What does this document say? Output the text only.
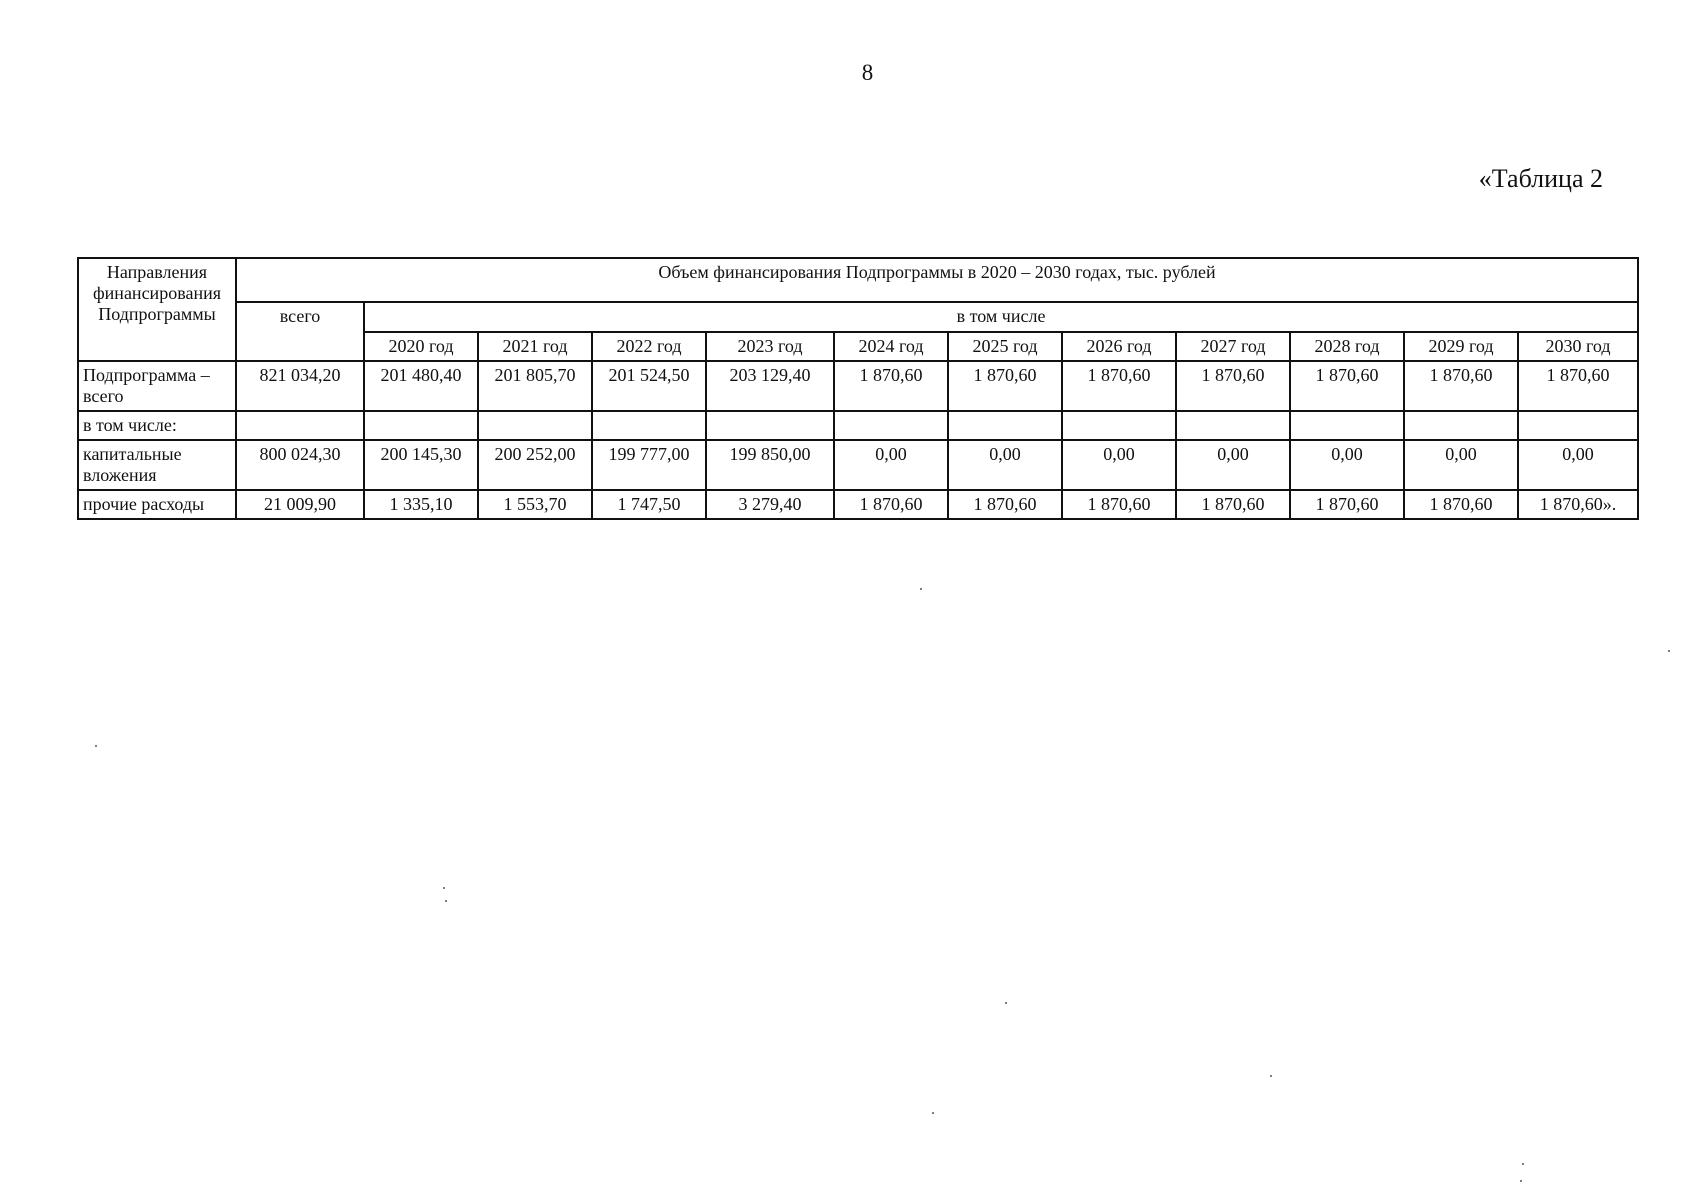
8
«Таблица 2
Направления финансирования Подпрограммы	Объем финансирования Подпрограммы в 2020 – 2030 годах, тыс. рублей											
	всего	в том числе										
		2020 год	2021 год	2022 год	2023 год	2024 год	2025 год	2026 год	2027 год	2028 год	2029 год	2030 год
Подпрограмма – всего	821 034,20	201 480,40	201 805,70	201 524,50	203 129,40	1 870,60	1 870,60	1 870,60	1 870,60	1 870,60	1 870,60	1 870,60
в том числе:												
капитальные вложения	800 024,30	200 145,30	200 252,00	199 777,00	199 850,00	0,00	0,00	0,00	0,00	0,00	0,00	0,00
прочие расходы	21 009,90	1 335,10	1 553,70	1 747,50	3 279,40	1 870,60	1 870,60	1 870,60	1 870,60	1 870,60	1 870,60	1 870,60».
